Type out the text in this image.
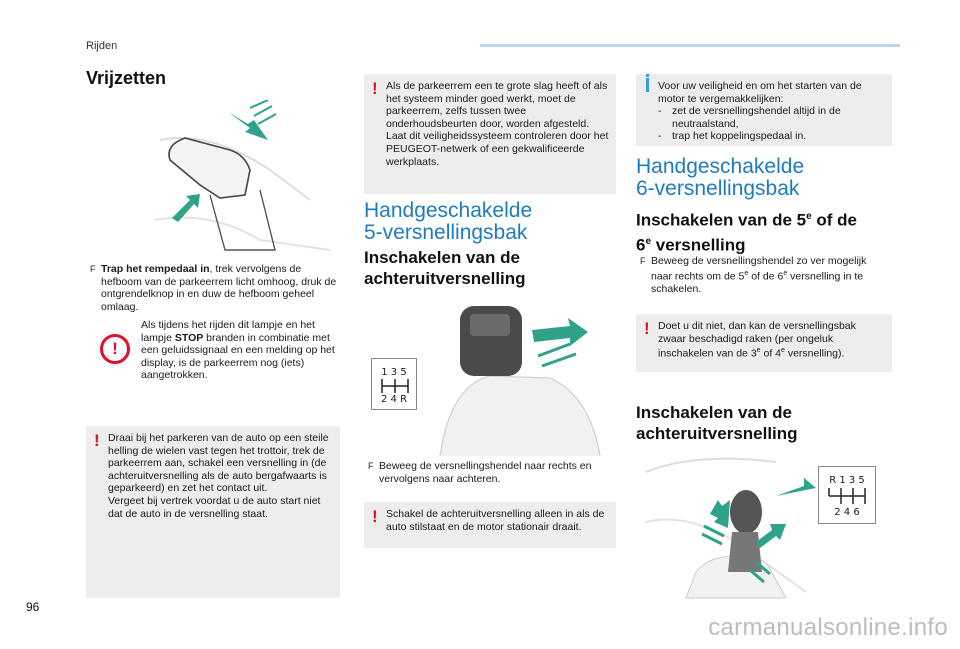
Rijden
Vrijzetten
F Trap het rempedaal in, trek vervolgens de hefboom van de parkeerrem licht omhoog, druk de ontgrendelknop in en duw de hefboom geheel omlaag.
!
Als tijdens het rijden dit lampje en het lampje STOP branden in combinatie met een geluidssignaal en een melding op het display, is de parkeerrem nog (iets) aangetrokken.
! Draai bij het parkeren van de auto op een steile helling de wielen vast tegen het trottoir, trek de parkeerrem aan, schakel een versnelling in (de achteruitversnelling als de auto bergafwaarts is geparkeerd) en zet het contact uit.
Vergeet bij vertrek voordat u de auto start niet dat de auto in de versnelling staat.
! Als de parkeerrem een te grote slag heeft of als het systeem minder goed werkt, moet de parkeerrem, zelfs tussen twee onderhoudsbeurten door, worden afgesteld.
Laat dit veiligheidssysteem controleren door het PEUGEOT-netwerk of een gekwalificeerde werkplaats.
Handgeschakelde
5-versnellingsbak
Inschakelen van de
achteruitversnelling
1 3 5
2 4 R
F Beweeg de versnellingshendel naar rechts en vervolgens naar achteren.
! Schakel de achteruitversnelling alleen in als de auto stilstaat en de motor stationair draait.
Voor uw veiligheid en om het starten van de motor te vergemakkelijken:
- zet de versnellingshendel altijd in de neutraalstand,
- trap het koppelingspedaal in.
Handgeschakelde
6-versnellingsbak
Inschakelen van de 5e of de
6e versnelling
F Beweeg de versnellingshendel zo ver mogelijk naar rechts om de 5e of de 6e versnelling in te schakelen.
! Doet u dit niet, dan kan de versnellingsbak zwaar beschadigd raken (per ongeluk inschakelen van de 3e of 4e versnelling).
Inschakelen van de
achteruitversnelling
R 1 3 5
2 4 6
96
carmanualsonline.info
